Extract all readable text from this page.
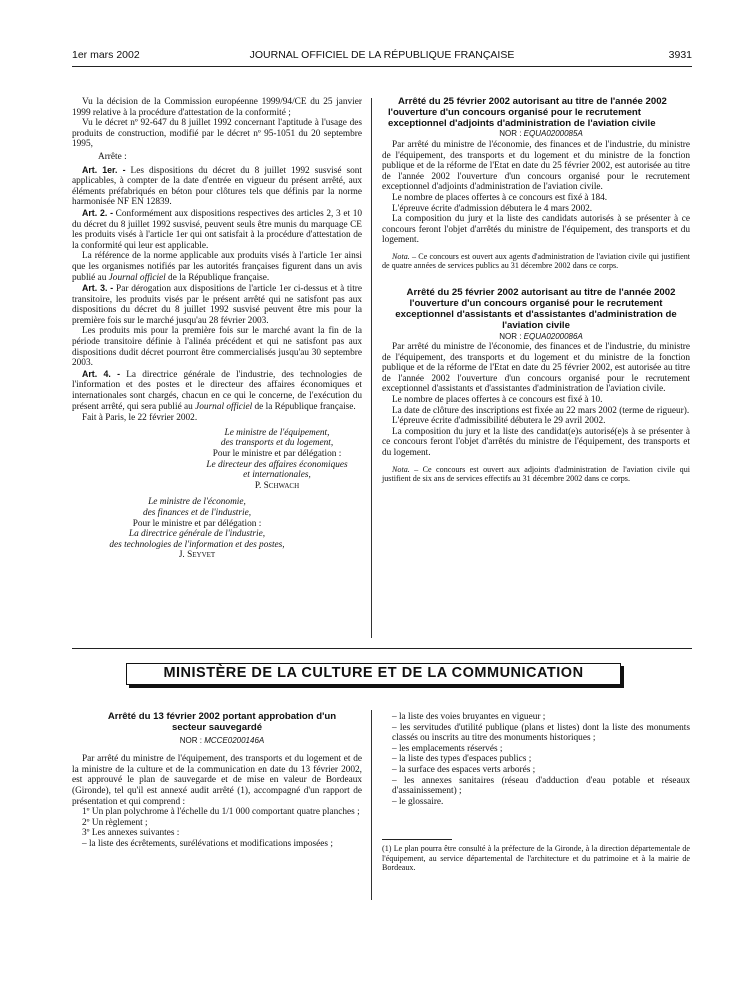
1er mars 2002	JOURNAL OFFICIEL DE LA RÉPUBLIQUE FRANÇAISE	3931

Vu la décision de la Commission européenne 1999/94/CE du 25 janvier 1999 relative à la procédure d'attestation de la conformité ;

Vu le décret nº 92-647 du 8 juillet 1992 concernant l'aptitude à l'usage des produits de construction, modifié par le décret nº 95-1051 du 20 septembre 1995,

Arrête :

Art. 1er. - Les dispositions du décret du 8 juillet 1992 susvisé sont applicables, à compter de la date d'entrée en vigueur du présent arrêté, aux éléments préfabriqués en béton pour clôtures tels que définis par la norme harmonisée NF EN 12839.

Art. 2. - Conformément aux dispositions respectives des articles 2, 3 et 10 du décret du 8 juillet 1992 susvisé, peuvent seuls être munis du marquage CE les produits visés à l'article 1er qui ont satisfait à la procédure d'attestation de la conformité qui leur est applicable.

La référence de la norme applicable aux produits visés à l'article 1er ainsi que les organismes notifiés par les autorités françaises figurent dans un avis publié au Journal officiel de la République française.

Art. 3. - Par dérogation aux dispositions de l'article 1er ci-dessus et à titre transitoire, les produits visés par le présent arrêté qui ne satisfont pas aux dispositions du décret du 8 juillet 1992 susvisé peuvent être mis pour la première fois sur le marché jusqu'au 28 février 2003.

Les produits mis pour la première fois sur le marché avant la fin de la période transitoire définie à l'alinéa précédent et qui ne satisfont pas aux dispositions dudit décret pourront être commercialisés jusqu'au 30 septembre 2003.

Art. 4. - La directrice générale de l'industrie, des technologies de l'information et des postes et le directeur des affaires économiques et internationales sont chargés, chacun en ce qui le concerne, de l'exécution du présent arrêté, qui sera publié au Journal officiel de la République française.

Fait à Paris, le 22 février 2002.

Le ministre de l'équipement,

des transports et du logement,

Pour le ministre et par délégation :

Le directeur des affaires économiques

et internationales,

P. Schwach

Le ministre de l'économie,

des finances et de l'industrie,

Pour le ministre et par délégation :

La directrice générale de l'industrie,

des technologies de l'information et des postes,

J. Seyvet

Arrêté du 25 février 2002 autorisant au titre de l'année 2002 l'ouverture d'un concours organisé pour le recrutement exceptionnel d'adjoints d'administration de l'aviation civile

NOR : EQUA0200085A

Par arrêté du ministre de l'économie, des finances et de l'industrie, du ministre de l'équipement, des transports et du logement et du ministre de la fonction publique et de la réforme de l'Etat en date du 25 février 2002, est autorisée au titre de l'année 2002 l'ouverture d'un concours organisé pour le recrutement exceptionnel d'adjoints d'administration de l'aviation civile.

Le nombre de places offertes à ce concours est fixé à 184.

L'épreuve écrite d'admission débutera le 4 mars 2002.

La composition du jury et la liste des candidats autorisés à se présenter à ce concours feront l'objet d'arrêtés du ministre de l'équipement, des transports et du logement.

Nota. – Ce concours est ouvert aux agents d'administration de l'aviation civile qui justifient de quatre années de services publics au 31 décembre 2002 dans ce corps.

Arrêté du 25 février 2002 autorisant au titre de l'année 2002 l'ouverture d'un concours organisé pour le recrutement exceptionnel d'assistants et d'assistantes d'administration de l'aviation civile

NOR : EQUA0200086A

Par arrêté du ministre de l'économie, des finances et de l'industrie, du ministre de l'équipement, des transports et du logement et du ministre de la fonction publique et de la réforme de l'Etat en date du 25 février 2002, est autorisée au titre de l'année 2002 l'ouverture d'un concours organisé pour le recrutement exceptionnel d'assistants et d'assistantes d'administration de l'aviation civile.

Le nombre de places offertes à ce concours est fixé à 10.

La date de clôture des inscriptions est fixée au 22 mars 2002 (terme de rigueur).

L'épreuve écrite d'admissibilité débutera le 29 avril 2002.

La composition du jury et la liste des candidat(e)s autorisé(e)s à se présenter à ce concours feront l'objet d'arrêtés du ministre de l'équipement, des transports et du logement.

Nota. – Ce concours est ouvert aux adjoints d'administration de l'aviation civile qui justifient de six ans de services effectifs au 31 décembre 2002 dans ce corps.

MINISTÈRE DE LA CULTURE ET DE LA COMMUNICATION

Arrêté du 13 février 2002 portant approbation d'un secteur sauvegardé

NOR : MCCE0200146A

Par arrêté du ministre de l'équipement, des transports et du logement et de la ministre de la culture et de la communication en date du 13 février 2002, est approuvé le plan de sauvegarde et de mise en valeur de Bordeaux (Gironde), tel qu'il est annexé audit arrêté (1), accompagné d'un rapport de présentation et qui comprend :

1º Un plan polychrome à l'échelle du 1/1 000 comportant quatre planches ;

2º Un règlement ;

3º Les annexes suivantes :

– la liste des écrêtements, surélévations et modifications imposées ;

– la liste des voies bruyantes en vigueur ;

– les servitudes d'utilité publique (plans et listes) dont la liste des monuments classés ou inscrits au titre des monuments historiques ;

– les emplacements réservés ;

– la liste des types d'espaces publics ;

– la surface des espaces verts arborés ;

– les annexes sanitaires (réseau d'adduction d'eau potable et réseaux d'assainissement) ;

– le glossaire.

(1) Le plan pourra être consulté à la préfecture de la Gironde, à la direction départementale de l'équipement, au service départemental de l'architecture et du patrimoine et à la mairie de Bordeaux.
